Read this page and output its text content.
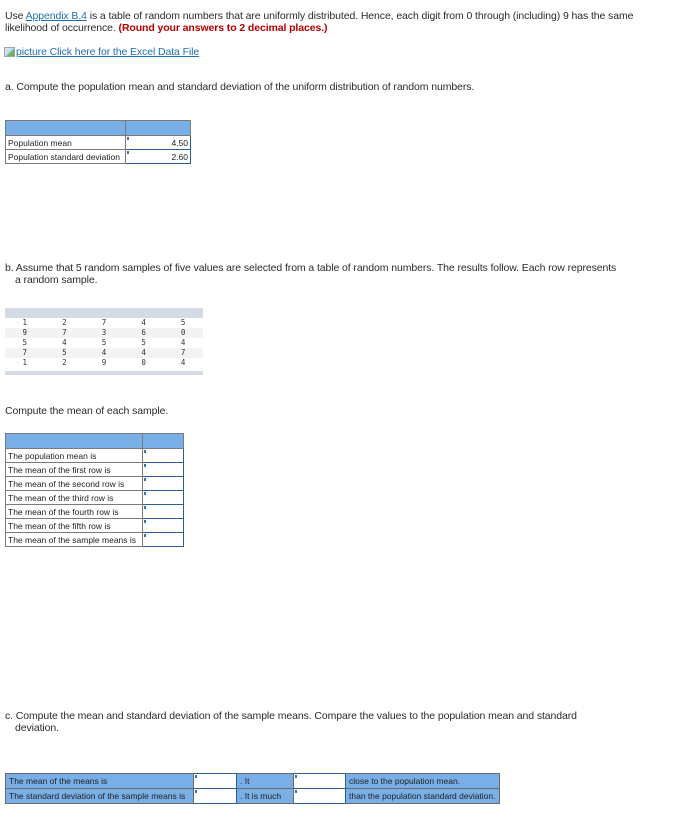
Use Appendix B.4 is a table of random numbers that are uniformly distributed. Hence, each digit from 0 through (including) 9 has the same likelihood of occurrence. (Round your answers to 2 decimal places.)
picture Click here for the Excel Data File
a. Compute the population mean and standard deviation of the uniform distribution of random numbers.

Population mean	4.50
Population standard deviation	2.60
b. Assume that 5 random samples of five values are selected from a table of random numbers. The results follow. Each row represents
a random sample.
1	2	7	4	5
9	7	3	6	0
5	4	5	5	4
7	5	4	4	7
1	2	9	0	4
Compute the mean of each sample.

The population mean is	

The mean of the first row is	

The mean of the second row is	

The mean of the third row is	

The mean of the fourth row is	

The mean of the fifth row is	

The mean of the sample means is	
c. Compute the mean and standard deviation of the sample means. Compare the values to the population mean and standard
deviation.
The mean of the means is		. It		close to the population mean.
The standard deviation of the sample means is		. It is much		than the population standard deviation.
